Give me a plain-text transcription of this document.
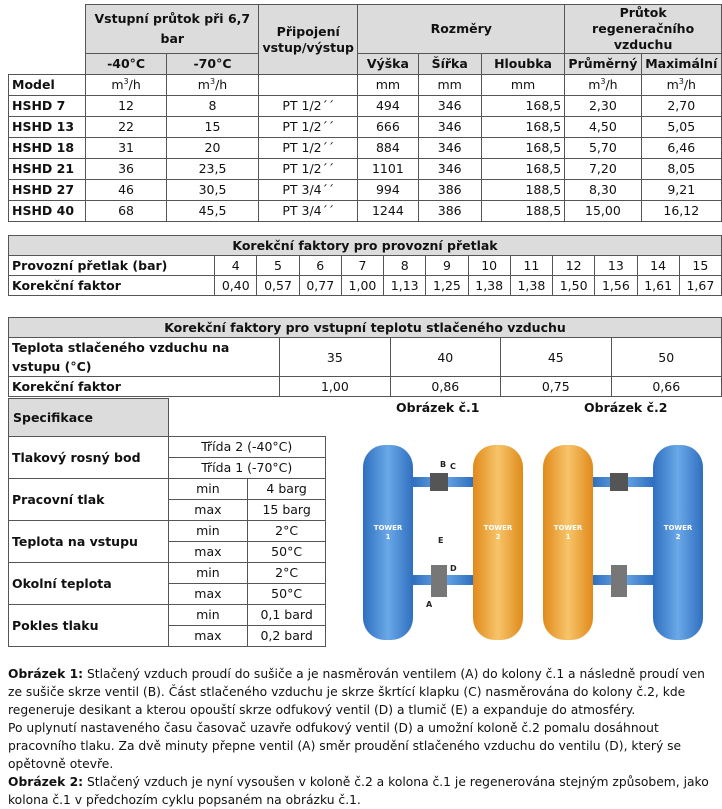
	Vstupní průtok při 6,7 bar		Připojení vstup/výstup	Rozměry			Průtok regeneračního vzduchu	
	-40°C	-70°C		Výška	Šířka	Hloubka	Průměrný	Maximální
Model	$m^3/h$	$m^3/h$		mm	mm	mm	$m^3/h$	$m^3/h$
HSHD 7	12	8	PT 1/2´´	494	346	168,5	2,30	2,70
HSHD 13	22	15	PT 1/2´´	666	346	168,5	4,50	5,05
HSHD 18	31	20	PT 1/2´´	884	346	168,5	5,70	6,46
HSHD 21	36	23,5	PT 1/2´´	1101	346	168,5	7,20	8,05
HSHD 27	46	30,5	PT 3/4´´	994	386	188,5	8,30	9,21
HSHD 40	68	45,5	PT 3/4´´	1244	386	188,5	15,00	16,12
Korekční faktory pro provozní přetlak												
Provozní přetlak (bar)	4	5	6	7	8	9	10	11	12	13	14	15
Korekční faktor	0,40	0,57	0,77	1,00	1,13	1,25	1,38	1,38	1,50	1,56	1,61	1,67
Korekční faktory pro vstupní teplotu stlačeného vzduchu				
Teplota stlačeného vzduchu na vstupu (°C)	35	40	45	50
Korekční faktor	1,00	0,86	0,75	0,66
Specifikace		
Tlakový rosný bod	Třída 2 (-40°C)	
	Třída 1 (-70°C)	
Pracovní tlak	min	4 barg
	max	15 barg
Teplota na vstupu	min	2°C
	max	50°C
Okolní teplota	min	2°C
	max	50°C
Pokles tlaku	min	0,1 bard
	max	0,2 bard
Obrázek č.1	Obrázek č.2
B C
E
D
A
TOWER
1
TOWER
2
TOWER
1
TOWER
2

Obrázek 1: Stlačený vzduch proudí do sušiče a je nasměrován ventilem (A) do kolony č.1 a následně proudí ven ze sušiče skrze ventil (B). Část stlačeného vzduchu je skrze škrtící klapku (C) nasměrována do kolony č.2, kde regeneruje desikant a kterou opouští skrze odfukový ventil (D) a tlumič (E) a expanduje do atmosféry.

Po uplynutí nastaveného času časovač uzavře odfukový ventil (D) a umožní koloně č.2 pomalu dosáhnout pracovního tlaku. Za dvě minuty přepne ventil (A) směr proudění stlačeného vzduchu do ventilu (D), který se opětovně otevře.

Obrázek 2: Stlačený vzduch je nyní vysoušen v koloně č.2 a kolona č.1 je regenerována stejným způsobem, jako kolona č.1 v předchozím cyklu popsaném na obrázku č.1.
